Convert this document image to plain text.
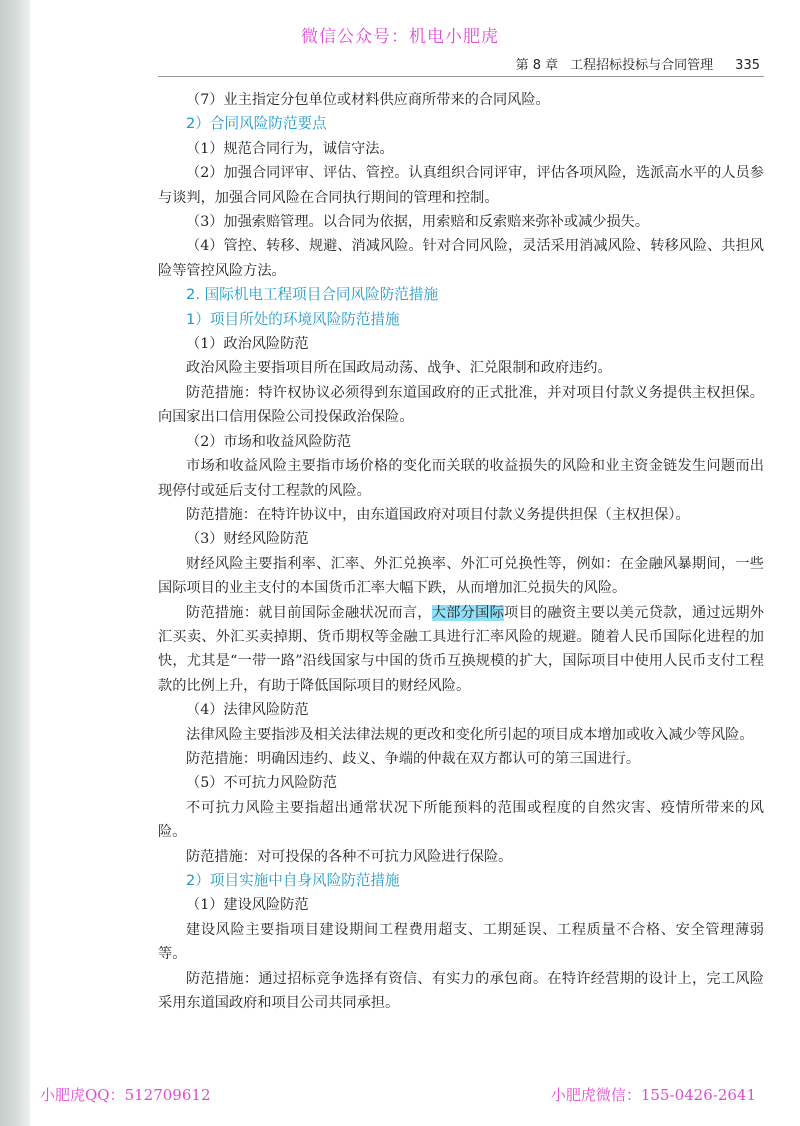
微信公众号：机电小肥虎
第 8 章 工程招标投标与合同管理 335

（7）业主指定分包单位或材料供应商所带来的合同风险。

2）合同风险防范要点

（1）规范合同行为，诚信守法。

（2）加强合同评审、评估、管控。认真组织合同评审，评估各项风险，选派高水平的人员参与谈判，加强合同风险在合同执行期间的管理和控制。

（3）加强索赔管理。以合同为依据，用索赔和反索赔来弥补或减少损失。

（4）管控、转移、规避、消减风险。针对合同风险，灵活采用消减风险、转移风险、共担风险等管控风险方法。

2. 国际机电工程项目合同风险防范措施

1）项目所处的环境风险防范措施

（1）政治风险防范

政治风险主要指项目所在国政局动荡、战争、汇兑限制和政府违约。

防范措施：特许权协议必须得到东道国政府的正式批准，并对项目付款义务提供主权担保。向国家出口信用保险公司投保政治保险。

（2）市场和收益风险防范

市场和收益风险主要指市场价格的变化而关联的收益损失的风险和业主资金链发生问题而出现停付或延后支付工程款的风险。

防范措施：在特许协议中，由东道国政府对项目付款义务提供担保（主权担保）。

（3）财经风险防范

财经风险主要指利率、汇率、外汇兑换率、外汇可兑换性等，例如：在金融风暴期间，一些国际项目的业主支付的本国货币汇率大幅下跌，从而增加汇兑损失的风险。

防范措施：就目前国际金融状况而言，大部分国际项目的融资主要以美元贷款，通过远期外汇买卖、外汇买卖掉期、货币期权等金融工具进行汇率风险的规避。随着人民币国际化进程的加快，尤其是“一带一路”沿线国家与中国的货币互换规模的扩大，国际项目中使用人民币支付工程款的比例上升，有助于降低国际项目的财经风险。

（4）法律风险防范

法律风险主要指涉及相关法律法规的更改和变化所引起的项目成本增加或收入减少等风险。

防范措施：明确因违约、歧义、争端的仲裁在双方都认可的第三国进行。

（5）不可抗力风险防范

不可抗力风险主要指超出通常状况下所能预料的范围或程度的自然灾害、疫情所带来的风险。

防范措施：对可投保的各种不可抗力风险进行保险。

2）项目实施中自身风险防范措施

（1）建设风险防范

建设风险主要指项目建设期间工程费用超支、工期延误、工程质量不合格、安全管理薄弱等。

防范措施：通过招标竞争选择有资信、有实力的承包商。在特许经营期的设计上，完工风险采用东道国政府和项目公司共同承担。

小肥虎QQ：512709612	小肥虎微信：155-0426-2641
